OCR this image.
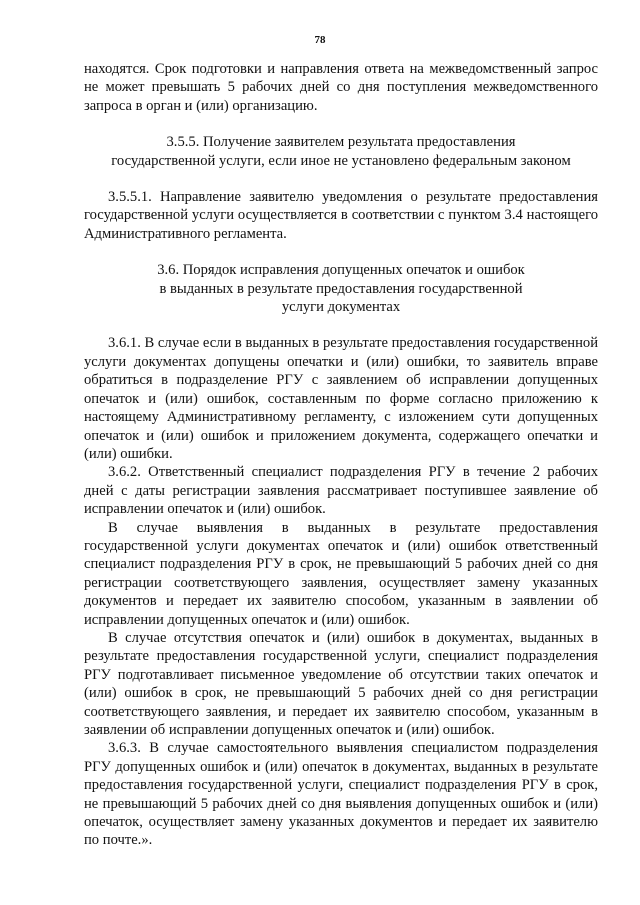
78

находятся. Срок подготовки и направления ответа на межведомственный запрос не может превышать 5 рабочих дней со дня поступления межведомственного запроса в орган и (или) организацию.

3.5.5. Получение заявителем результата предоставления

государственной услуги, если иное не установлено федеральным законом

3.5.5.1. Направление заявителю уведомления о результате предоставления государственной услуги осуществляется в соответствии с пунктом 3.4 настоящего Административного регламента.

3.6. Порядок исправления допущенных опечаток и ошибок

в выданных в результате предоставления государственной

услуги документах

3.6.1. В случае если в выданных в результате предоставления государственной услуги документах допущены опечатки и (или) ошибки, то заявитель вправе обратиться в подразделение РГУ с заявлением об исправлении допущенных опечаток и (или) ошибок, составленным по форме согласно приложению к настоящему Административному регламенту, с изложением сути допущенных опечаток и (или) ошибок и приложением документа, содержащего опечатки и (или) ошибки.

3.6.2. Ответственный специалист подразделения РГУ в течение 2 рабочих дней с даты регистрации заявления рассматривает поступившее заявление об исправлении опечаток и (или) ошибок.

В случае выявления в выданных в результате предоставления государственной услуги документах опечаток и (или) ошибок ответственный специалист подразделения РГУ в срок, не превышающий 5 рабочих дней со дня регистрации соответствующего заявления, осуществляет замену указанных документов и передает их заявителю способом, указанным в заявлении об исправлении допущенных опечаток и (или) ошибок.

В случае отсутствия опечаток и (или) ошибок в документах, выданных в результате предоставления государственной услуги, специалист подразделения РГУ подготавливает письменное уведомление об отсутствии таких опечаток и (или) ошибок в срок, не превышающий 5 рабочих дней со дня регистрации соответствующего заявления, и передает их заявителю способом, указанным в заявлении об исправлении допущенных опечаток и (или) ошибок.

3.6.3. В случае самостоятельного выявления специалистом подразделения РГУ допущенных ошибок и (или) опечаток в документах, выданных в результате предоставления государственной услуги, специалист подразделения РГУ в срок, не превышающий 5 рабочих дней со дня выявления допущенных ошибок и (или) опечаток, осуществляет замену указанных документов и передает их заявителю по почте.».
